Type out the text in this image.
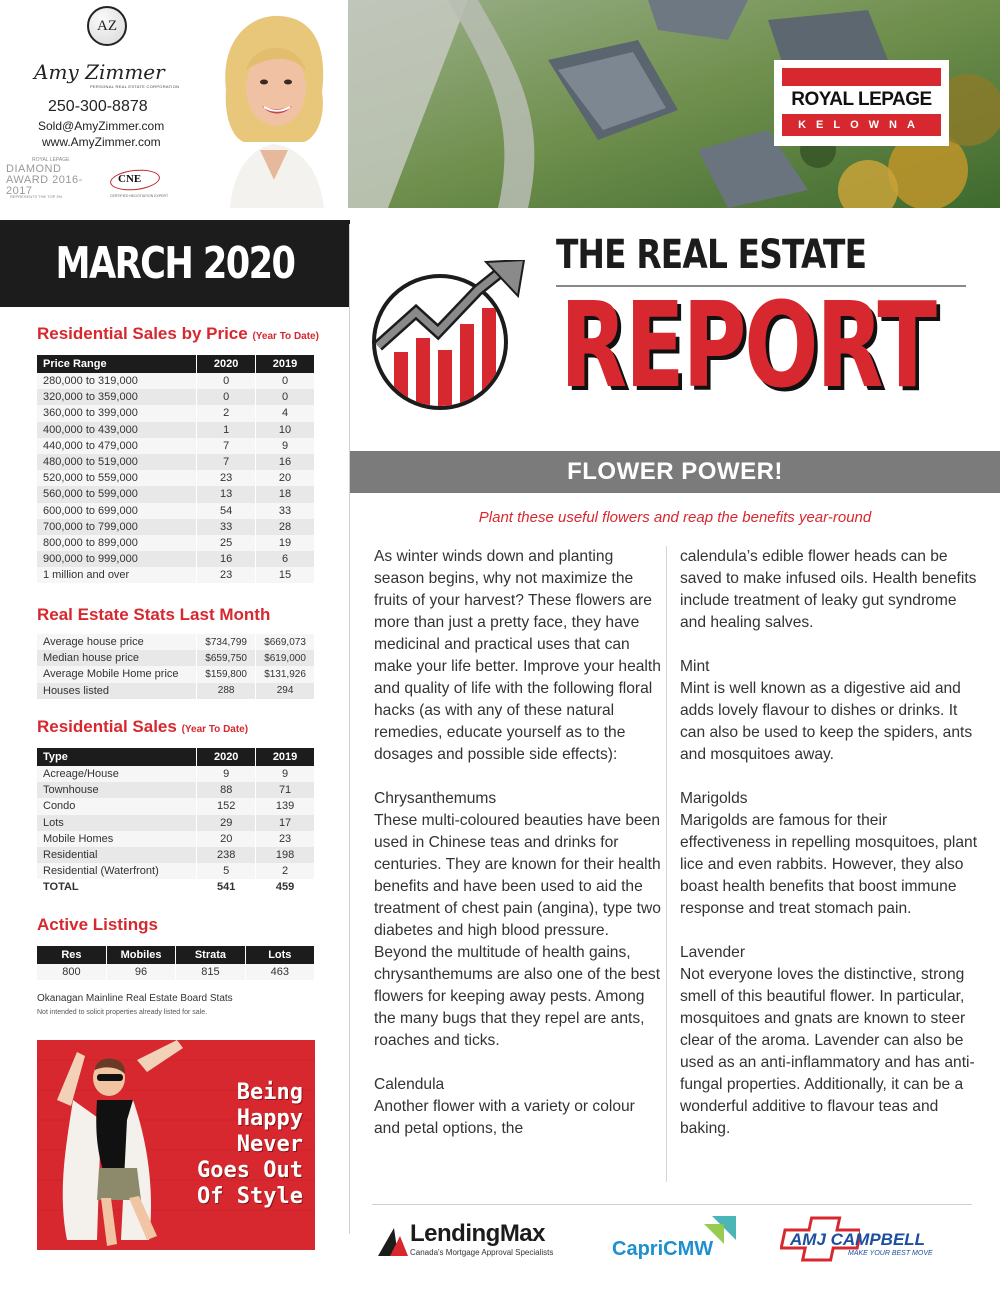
AZ
Amy Zimmer
PERSONAL REAL ESTATE CORPORATION
250-300-8878
Sold@AmyZimmer.com
www.AmyZimmer.com
ROYAL LEPAGE
DIAMOND
AWARD 2016-2017
REPRESENTS THE TOP 3%
CNE
CERTIFIED NEGOTIATION EXPERT
ROYAL LEPAGE
KELOWNA
MARCH 2020
Residential Sales by Price (Year To Date)
Price Range	2020	2019
280,000 to 319,000	0	0
320,000 to 359,000	0	0
360,000 to 399,000	2	4
400,000 to 439,000	1	10
440,000 to 479,000	7	9
480,000 to 519,000	7	16
520,000 to 559,000	23	20
560,000 to 599,000	13	18
600,000 to 699,000	54	33
700,000 to 799,000	33	28
800,000 to 899,000	25	19
900,000 to 999,000	16	6
1 million and over	23	15
Real Estate Stats Last Month
Average house price	$734,799	$669,073
Median house price	$659,750	$619,000
Average Mobile Home price	$159,800	$131,926
Houses listed	288	294
Residential Sales (Year To Date)
Type	2020	2019
Acreage/House	9	9
Townhouse	88	71
Condo	152	139
Lots	29	17
Mobile Homes	20	23
Residential	238	198
Residential (Waterfront)	5	2
TOTAL	541	459
Active Listings
Res	Mobiles	Strata	Lots
800	96	815	463
Okanagan Mainline Real Estate Board Stats
Not intended to solicit properties already listed for sale.
Being
Happy
Never
Goes Out
Of Style
THE REAL ESTATE
REPORT
FLOWER POWER!
Plant these useful flowers and reap the benefits year-round

As winter winds down and planting season begins, why not maximize the fruits of your harvest? These flowers are more than just a pretty face, they have medicinal and practical uses that can make your life better. Improve your health and quality of life with the following floral hacks (as with any of these natural remedies, educate yourself as to the dosages and possible side effects):

Chrysanthemums

These multi-coloured beauties have been used in Chinese teas and drinks for centuries. They are known for their health benefits and have been used to aid the treatment of chest pain (angina), type two diabetes and high blood pressure. Beyond the multitude of health gains, chrysanthemums are also one of the best flowers for keeping away pests. Among the many bugs that they repel are ants, roaches and ticks.

Calendula

Another flower with a variety or colour and petal options, the

calendula’s edible flower heads can be saved to make infused oils. Health benefits include treatment of leaky gut syndrome and healing salves.

Mint

Mint is well known as a digestive aid and adds lovely flavour to dishes or drinks. It can also be used to keep the spiders, ants and mosquitoes away.

Marigolds

Marigolds are famous for their effectiveness in repelling mosquitoes, plant lice and even rabbits. However, they also boast health benefits that boost immune response and treat stomach pain.

Lavender

Not everyone loves the distinctive, strong smell of this beautiful flower. In particular, mosquitoes and gnats are known to steer clear of the aroma. Lavender can also be used as an anti-inflammatory and has anti-fungal properties. Additionally, it can be a wonderful additive to flavour teas and baking.

LendingMax
Canada's Mortgage Approval Specialists	CapriCMW	AMJ CAMPBELL
MAKE YOUR BEST MOVE
